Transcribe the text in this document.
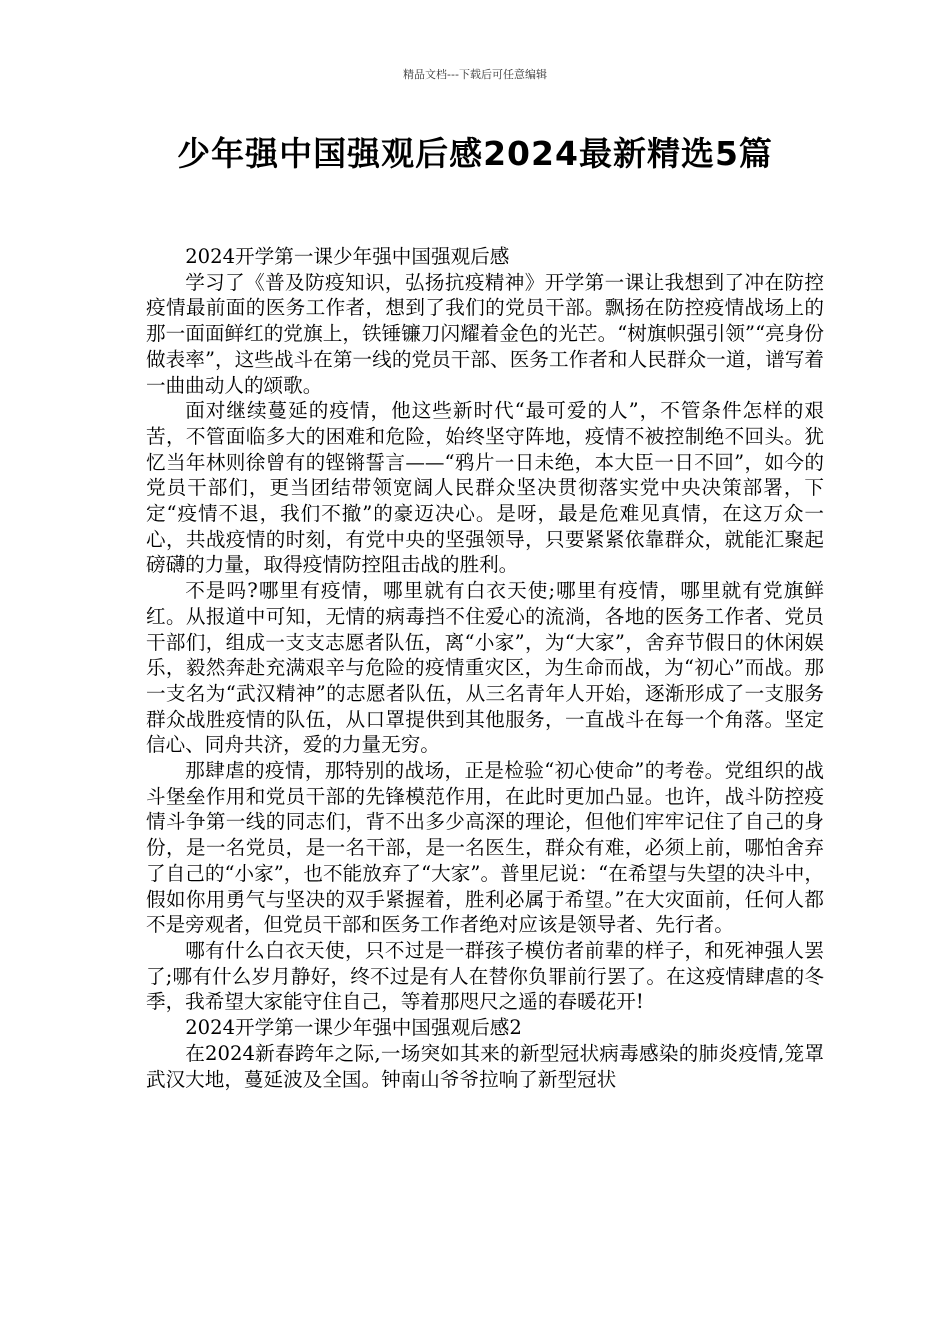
精品文档---下载后可任意编辑
少年强中国强观后感2024最新精选5篇

2024开学第一课少年强中国强观后感

学习了《普及防疫知识，弘扬抗疫精神》开学第一课让我想到了冲在防控疫情最前面的医务工作者，想到了我们的党员干部。飘扬在防控疫情战场上的那一面面鲜红的党旗上，铁锤镰刀闪耀着金色的光芒。“树旗帜强引领”“亮身份做表率”，这些战斗在第一线的党员干部、医务工作者和人民群众一道，谱写着一曲曲动人的颂歌。

面对继续蔓延的疫情，他这些新时代“最可爱的人”，不管条件怎样的艰苦，不管面临多大的困难和危险，始终坚守阵地，疫情不被控制绝不回头。犹忆当年林则徐曾有的铿锵誓言——“鸦片一日未绝，本大臣一日不回”，如今的党员干部们，更当团结带领宽阔人民群众坚决贯彻落实党中央决策部署，下定“疫情不退，我们不撤”的豪迈决心。是呀，最是危难见真情，在这万众一心，共战疫情的时刻，有党中央的坚强领导，只要紧紧依靠群众，就能汇聚起磅礴的力量，取得疫情防控阻击战的胜利。

不是吗?哪里有疫情，哪里就有白衣天使;哪里有疫情，哪里就有党旗鲜红。从报道中可知，无情的病毒挡不住爱心的流淌，各地的医务工作者、党员干部们，组成一支支志愿者队伍，离“小家”，为“大家”，舍弃节假日的休闲娱乐，毅然奔赴充满艰辛与危险的疫情重灾区，为生命而战，为“初心”而战。那一支名为“武汉精神”的志愿者队伍，从三名青年人开始，逐渐形成了一支服务群众战胜疫情的队伍，从口罩提供到其他服务，一直战斗在每一个角落。坚定信心、同舟共济，爱的力量无穷。

那肆虐的疫情，那特别的战场，正是检验“初心使命”的考卷。党组织的战斗堡垒作用和党员干部的先锋模范作用，在此时更加凸显。也许，战斗防控疫情斗争第一线的同志们，背不出多少高深的理论，但他们牢牢记住了自己的身份，是一名党员，是一名干部，是一名医生，群众有难，必须上前，哪怕舍弃了自己的“小家”，也不能放弃了“大家”。普里尼说：“在希望与失望的决斗中，假如你用勇气与坚决的双手紧握着，胜利必属于希望。”在大灾面前，任何人都不是旁观者，但党员干部和医务工作者绝对应该是领导者、先行者。

哪有什么白衣天使，只不过是一群孩子模仿者前辈的样子，和死神强人罢了;哪有什么岁月静好，终不过是有人在替你负罪前行罢了。在这疫情肆虐的冬季，我希望大家能守住自己，等着那咫尺之遥的春暖花开!

2024开学第一课少年强中国强观后感2

在2024新春跨年之际,一场突如其来的新型冠状病毒感染的肺炎疫情,笼罩武汉大地，蔓延波及全国。钟南山爷爷拉响了新型冠状
